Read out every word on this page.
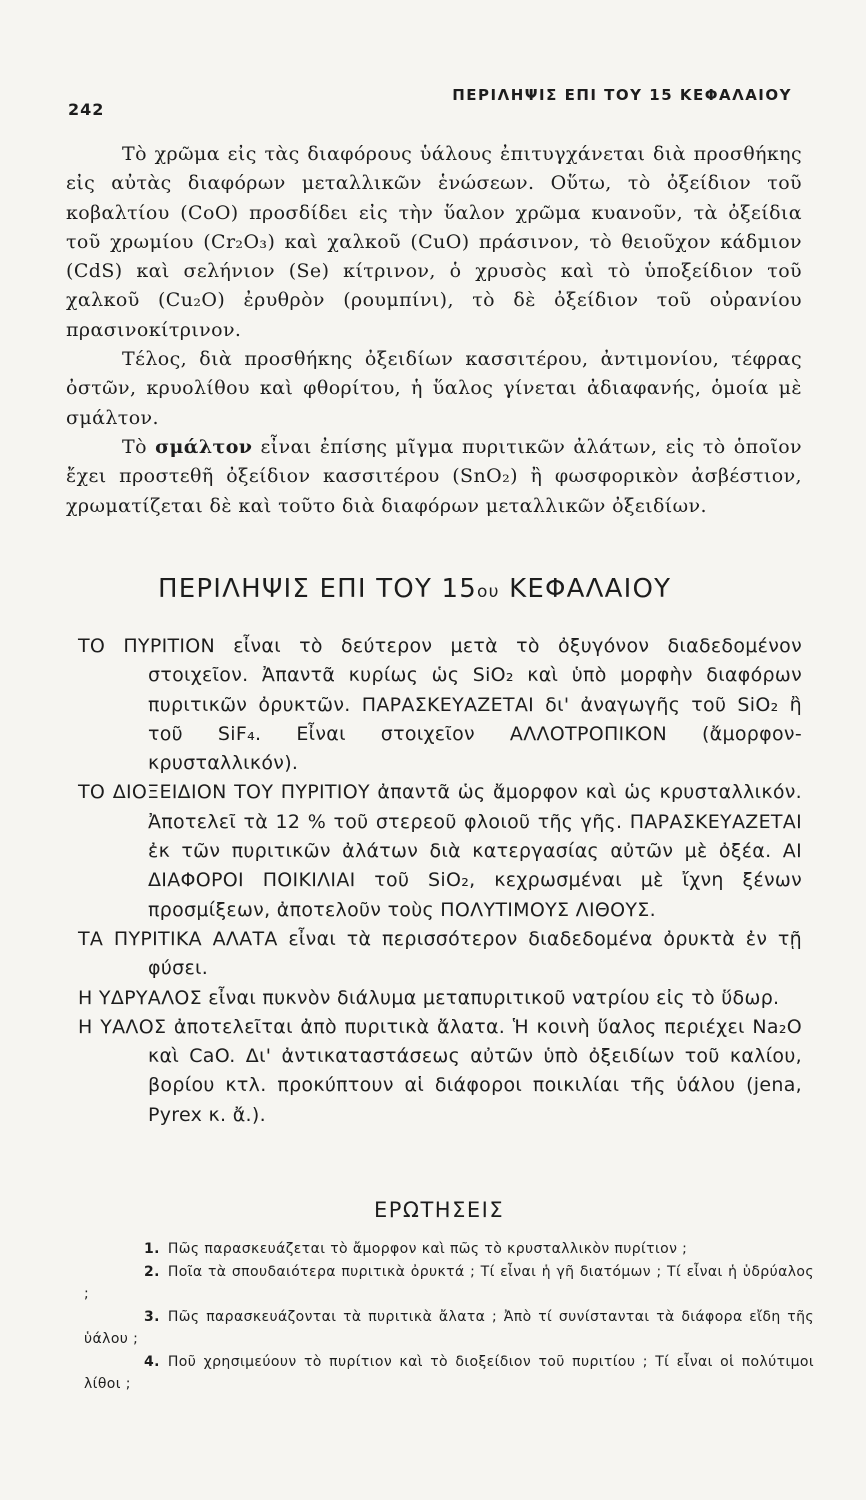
242
ΠΕΡΙΛΗΨΙΣ ΕΠΙ ΤΟΥ 15 ΚΕΦΑΛΑΙΟΥ

Τὸ χρῶμα εἰς τὰς διαφόρους ὑάλους ἐπιτυγχάνεται διὰ προσθήκης εἰς αὐτὰς διαφόρων μεταλλικῶν ἑνώσεων. Οὕτω, τὸ ὀξείδιον τοῦ κοβαλτίου (CoO) προσδίδει εἰς τὴν ὕαλον χρῶμα κυανοῦν, τὰ ὀξείδια τοῦ χρωμίου (Cr₂O₃) καὶ χαλκοῦ (CuO) πράσινον, τὸ θειοῦχον κάδμιον (CdS) καὶ σελήνιον (Se) κίτρινον, ὁ χρυσὸς καὶ τὸ ὑποξείδιον τοῦ χαλκοῦ (Cu₂O) ἐρυθρὸν (ρουμπίνι), τὸ δὲ ὀξείδιον τοῦ οὐρανίου πρασινοκίτρινον.

Τέλος, διὰ προσθήκης ὀξειδίων κασσιτέρου, ἀντιμονίου, τέφρας ὀστῶν, κρυολίθου καὶ φθορίτου, ἡ ὕαλος γίνεται ἀδιαφανής, ὁμοία μὲ σμάλτον.

Τὸ σμάλτον εἶναι ἐπίσης μῖγμα πυριτικῶν ἀλάτων, εἰς τὸ ὁποῖον ἔχει προστεθῆ ὀξείδιον κασσιτέρου (SnO₂) ἢ φωσφορικὸν ἀσβέστιον, χρωματίζεται δὲ καὶ τοῦτο διὰ διαφόρων μεταλλικῶν ὀξειδίων.

ΠΕΡΙΛΗΨΙΣ ΕΠΙ ΤΟΥ 15ου ΚΕΦΑΛΑΙΟΥ

ΤΟ ΠΥΡΙΤΙΟΝ εἶναι τὸ δεύτερον μετὰ τὸ ὀξυγόνον διαδεδομένον στοιχεῖον. Ἀπαντᾶ κυρίως ὡς SiO₂ καὶ ὑπὸ μορφὴν διαφόρων πυριτικῶν ὀρυκτῶν. ΠΑΡΑΣΚΕΥΑΖΕΤΑΙ δι' ἀναγωγῆς τοῦ SiO₂ ἢ τοῦ SiF₄. Εἶναι στοιχεῖον ΑΛΛΟΤΡΟΠΙΚΟΝ (ἄμορφον-κρυσταλλικόν).

ΤΟ ΔΙΟΞΕΙΔΙΟΝ ΤΟΥ ΠΥΡΙΤΙΟΥ ἀπαντᾶ ὡς ἄμορφον καὶ ὡς κρυσταλλικόν. Ἀποτελεῖ τὰ 12 % τοῦ στερεοῦ φλοιοῦ τῆς γῆς. ΠΑΡΑΣΚΕΥΑΖΕΤΑΙ ἐκ τῶν πυριτικῶν ἀλάτων διὰ κατεργασίας αὐτῶν μὲ ὀξέα. ΑΙ ΔΙΑΦΟΡΟΙ ΠΟΙΚΙΛΙΑΙ τοῦ SiO₂, κεχρωσμέναι μὲ ἴχνη ξένων προσμίξεων, ἀποτελοῦν τοὺς ΠΟΛΥΤΙΜΟΥΣ ΛΙΘΟΥΣ.

ΤΑ ΠΥΡΙΤΙΚΑ ΑΛΑΤΑ εἶναι τὰ περισσότερον διαδεδομένα ὀρυκτὰ ἐν τῇ φύσει.

Η ΥΔΡΥΑΛΟΣ εἶναι πυκνὸν διάλυμα μεταπυριτικοῦ νατρίου εἰς τὸ ὕδωρ.

Η ΥΑΛΟΣ ἀποτελεῖται ἀπὸ πυριτικὰ ἄλατα. Ἡ κοινὴ ὕαλος περιέχει Na₂O καὶ CaO. Δι' ἀντικαταστάσεως αὐτῶν ὑπὸ ὀξειδίων τοῦ καλίου, βορίου κτλ. προκύπτουν αἱ διάφοροι ποικιλίαι τῆς ὑάλου (jena, Pyrex κ. ἄ.).

ΕΡΩΤΗΣΕΙΣ

1. Πῶς παρασκευάζεται τὸ ἄμορφον καὶ πῶς τὸ κρυσταλλικὸν πυρίτιον ;

2. Ποῖα τὰ σπουδαιότερα πυριτικὰ ὀρυκτά ; Τί εἶναι ἡ γῆ διατόμων ; Τί εἶναι ἡ ὑδρύαλος ;

3. Πῶς παρασκευάζονται τὰ πυριτικὰ ἄλατα ; Ἀπὸ τί συνίστανται τὰ διάφορα εἴδη τῆς ὑάλου ;

4. Ποῦ χρησιμεύουν τὸ πυρίτιον καὶ τὸ διοξείδιον τοῦ πυριτίου ; Τί εἶναι οἱ πολύτιμοι λίθοι ;
